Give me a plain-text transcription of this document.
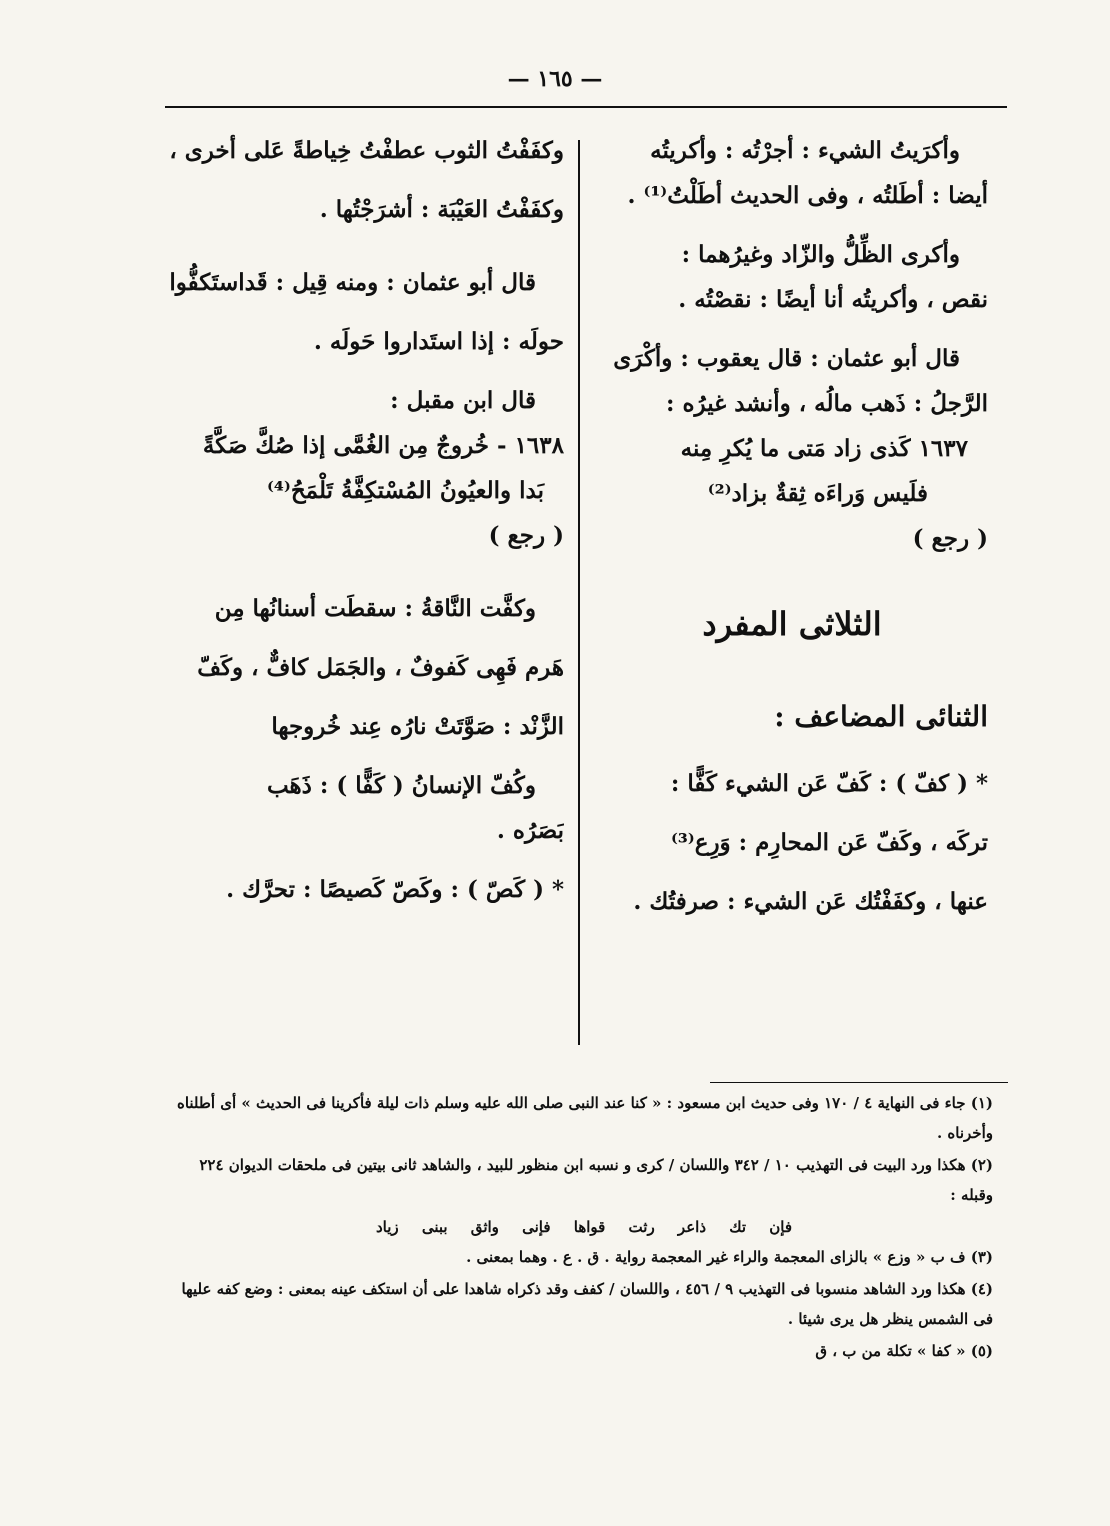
— ١٦٥ —
وأكرَيتُ الشيء : أجرْتُه : وأكريتُه
أيضا : أطَلتُه ، وفى الحديث أطَلْتُ⁽¹⁾ .
وأكرى الظِّلُّ والزّاد وغيرُهما :
نقص ، وأكريتُه أنا أيضًا : نقصْتُه .
قال أبو عثمان : قال يعقوب : وأكْرَى
الرَّجلُ : ذَهب مالُه ، وأنشد غيرُه :
١٦٣٧ كَذى زاد مَتى ما يُكرِ مِنه
فلَيس وَراءَه ثِقةٌ بزاد⁽²⁾
( رجع )
الثلاثى المفرد
الثنائى المضاعف :
* ( كفّ ) : كَفّ عَن الشيء كَفًّا :
تركَه ، وكَفّ عَن المحارِم : وَرِع⁽³⁾
عنها ، وكفَفْتُك عَن الشيء : صرفتُك .
وكفَفْتُ الثوب عطفْتُ خِياطةً عَلى أخرى ،
وكفَفْتُ العَيْبَة : أشرَجْتُها .
قال أبو عثمان : ومنه قِيل : قَداستَكفُّوا
حولَه : إذا استَداروا حَولَه .
قال ابن مقبل :
١٦٣٨ - خُروجٌ مِن الغُمَّى إذا صُكَّ صَكَّةً
بَدا والعيُونُ المُسْتكِفَّةُ تَلْمَحُ⁽⁴⁾
( رجع )
وكفَّت النَّاقةُ : سقطَت أسنانُها مِن
هَرم فَهِى كَفوفٌ ، والجَمَل كافٌّ ، وكَفّ
الزَّنْد : صَوَّتَتْ نارُه عِند خُروجها
وكُفّ الإنسانُ ( كَفًّا ) : ذَهَب
بَصَرُه .
* ( كَصّ ) : وكَصّ كَصيصًا : تحرَّك .
(١) جاء فى النهاية ٤ / ١٧٠ وفى حديث ابن مسعود : « كنا عند النبى صلى الله عليه وسلم ذات ليلة فأكرينا فى الحديث » أى أطلناه وأخرناه .
(٢) هكذا ورد البيت فى التهذيب ١٠ / ٣٤٢ واللسان / كرى و نسبه ابن منظور للبيد ، والشاهد ثانى بيتين فى ملحقات الديوان ٢٢٤ وقبله :
فإن تك ذاعر رثت قواها فإنى واثق ببنى زياد
(٣) ف ب « وزع » بالزاى المعجمة والراء غير المعجمة رواية . ق . ع . وهما بمعنى .
(٤) هكذا ورد الشاهد منسوبا فى التهذيب ٩ / ٤٥٦ ، واللسان / كفف وقد ذكراه شاهدا على أن استكف عينه بمعنى : وضع كفه عليها فى الشمس ينظر هل يرى شيئا .
(٥) « كفا » تكلة من ب ، ق
